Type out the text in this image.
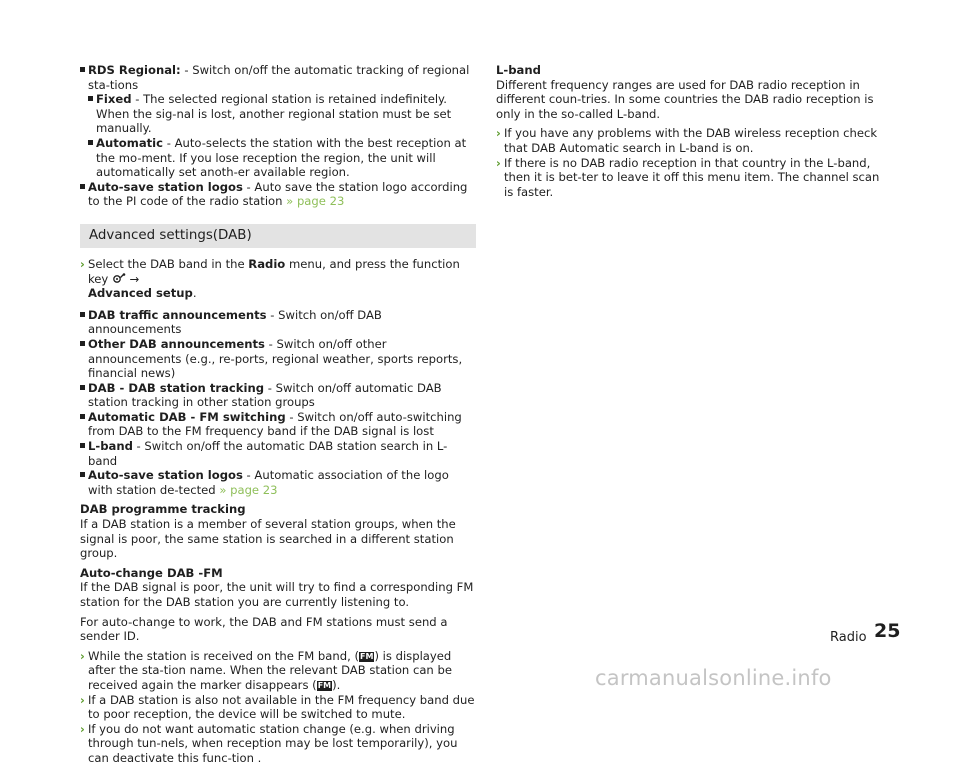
RDS Regional: - Switch on/off the automatic tracking of regional sta-tions
Fixed - The selected regional station is retained indefinitely. When the sig-nal is lost, another regional station must be set manually.
Automatic - Auto-selects the station with the best reception at the mo-ment. If you lose reception the region, the unit will automatically set anoth-er available region.
Auto-save station logos - Auto save the station logo according to the PI code of the radio station » page 23
Advanced settings(DAB)
› Select the DAB band in the Radio menu, and press the function key  →
Advanced setup.
DAB traffic announcements - Switch on/off DAB announcements
Other DAB announcements - Switch on/off other announcements (e.g., re-ports, regional weather, sports reports, financial news)
DAB - DAB station tracking - Switch on/off automatic DAB station tracking in other station groups
Automatic DAB - FM switching - Switch on/off auto-switching from DAB to the FM frequency band if the DAB signal is lost
L-band - Switch on/off the automatic DAB station search in L-band
Auto-save station logos - Automatic association of the logo with station de-tected » page 23

DAB programme tracking

If a DAB station is a member of several station groups, when the signal is poor, the same station is searched in a different station group.

Auto-change DAB -FM

If the DAB signal is poor, the unit will try to find a corresponding FM station for the DAB station you are currently listening to.

For auto-change to work, the DAB and FM stations must send a sender ID.

› While the station is received on the FM band, (FM) is displayed after the sta-tion name. When the relevant DAB station can be received again the marker disappears (FM).
› If a DAB station is also not available in the FM frequency band due to poor reception, the device will be switched to mute.
› If you do not want automatic station change (e.g. when driving through tun-nels, when reception may be lost temporarily), you can deactivate this func-tion .

L-band

Different frequency ranges are used for DAB radio reception in different coun-tries. In some countries the DAB radio reception is only in the so-called L-band.

› If you have any problems with the DAB wireless reception check that DAB Automatic search in L-band is on.
› If there is no DAB radio reception in that country in the L-band, then it is bet-ter to leave it off this menu item. The channel scan is faster.
Radio 25
carmanualsonline.info
